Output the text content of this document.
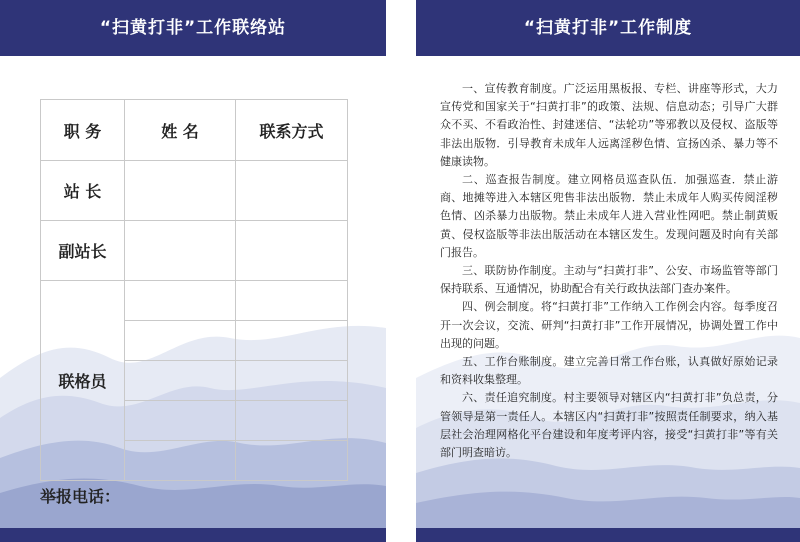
“扫黄打非”工作联络站
职 务	姓 名	联系方式
站 长		
副站长		
联格员		

举报电话：
“扫黄打非”工作制度

一、宣传教育制度。广泛运用黑板报、专栏、讲座等形式，大力宣传党和国家关于“扫黄打非”的政策、法规、信息动态；引导广大群众不买、不看政治性、封建迷信、“法轮功”等邪教以及侵权、盗版等非法出版物．引导教育未成年人远离淫秽色情、宣扬凶杀、暴力等不健康读物。

二、巡查报告制度。建立网格员巡查队伍．加强巡查．禁止游商、地摊等进入本辖区兜售非法出版物．禁止未成年人购买传阅淫秽色情、凶杀暴力出版物。禁止未成年人进入营业性网吧。禁止制黄贩黄、侵权盗版等非法出版活动在本辖区发生。发现问题及时向有关部门报告。

三、联防协作制度。主动与“扫黄打非”、公安、市场监管等部门保持联系、互通情况，协助配合有关行政执法部门查办案件。

四、例会制度。将“扫黄打非”工作纳入工作例会内容。每季度召开一次会议，交流、研判“扫黄打非”工作开展情况，协调处置工作中出现的问题。

五、工作台账制度。建立完善日常工作台账，认真做好原始记录和资料收集整理。

六、责任追究制度。村主要领导对辖区内“扫黄打非”负总责，分管领导是第一责任人。本辖区内“扫黄打非”按照责任制要求，纳入基层社会治理网格化平台建设和年度考评内容，接受“扫黄打非”等有关部门明查暗访。
